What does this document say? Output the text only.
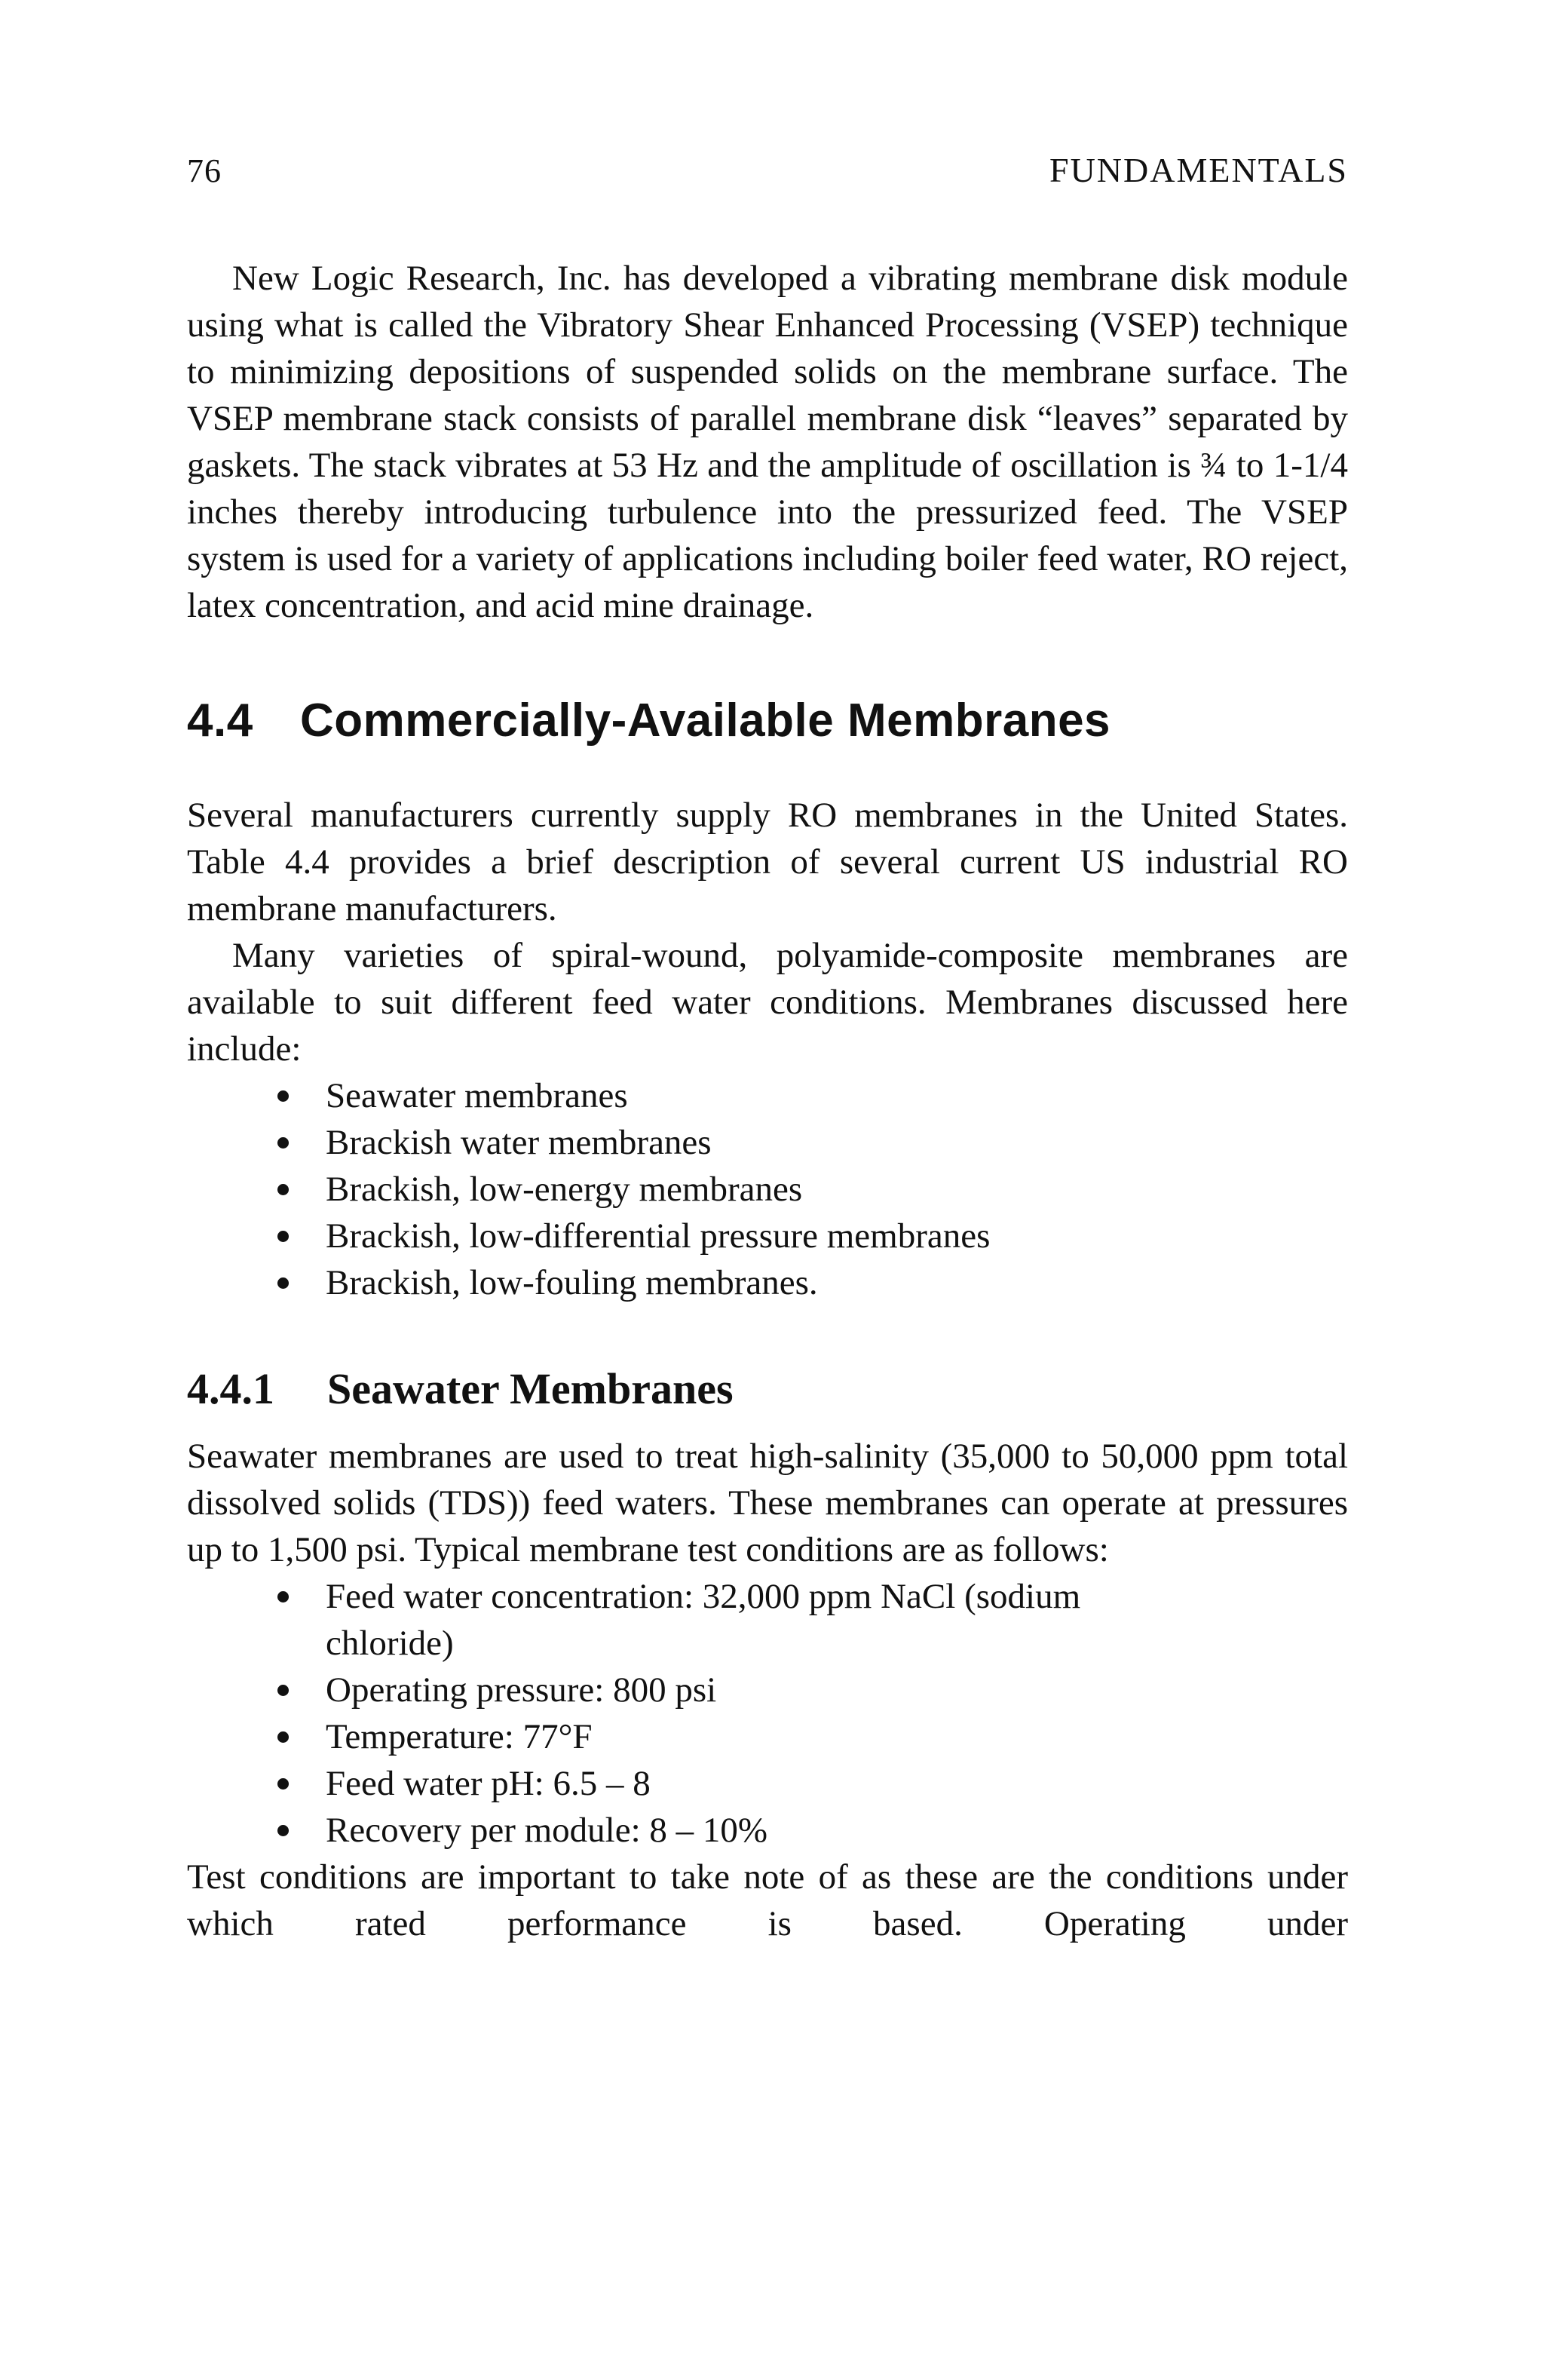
76	FUNDAMENTALS

New Logic Research, Inc. has developed a vibrating membrane disk module using what is called the Vibratory Shear Enhanced Processing (VSEP) technique to minimizing depositions of suspended solids on the membrane surface. The VSEP membrane stack consists of parallel membrane disk “leaves” separated by gaskets. The stack vibrates at 53 Hz and the amplitude of oscillation is ¾ to 1-1/4 inches thereby introducing turbulence into the pressurized feed. The VSEP system is used for a variety of applications including boiler feed water, RO reject, latex concentration, and acid mine drainage.

4.4 Commercially-Available Membranes

Several manufacturers currently supply RO membranes in the United States. Table 4.4 provides a brief description of several current US industrial RO membrane manufacturers.

Many varieties of spiral-wound, polyamide-composite membranes are available to suit different feed water conditions. Membranes discussed here include:

Seawater membranes
Brackish water membranes
Brackish, low-energy membranes
Brackish, low-differential pressure membranes
Brackish, low-fouling membranes.
4.4.1 Seawater Membranes

Seawater membranes are used to treat high-salinity (35,000 to 50,000 ppm total dissolved solids (TDS)) feed waters. These membranes can operate at pressures up to 1,500 psi. Typical membrane test conditions are as follows:

Feed water concentration: 32,000 ppm NaCl (sodium chloride)
Operating pressure: 800 psi
Temperature: 77°F
Feed water pH: 6.5 – 8
Recovery per module: 8 – 10%

Test conditions are important to take note of as these are the conditions under which rated performance is based. Operating under
